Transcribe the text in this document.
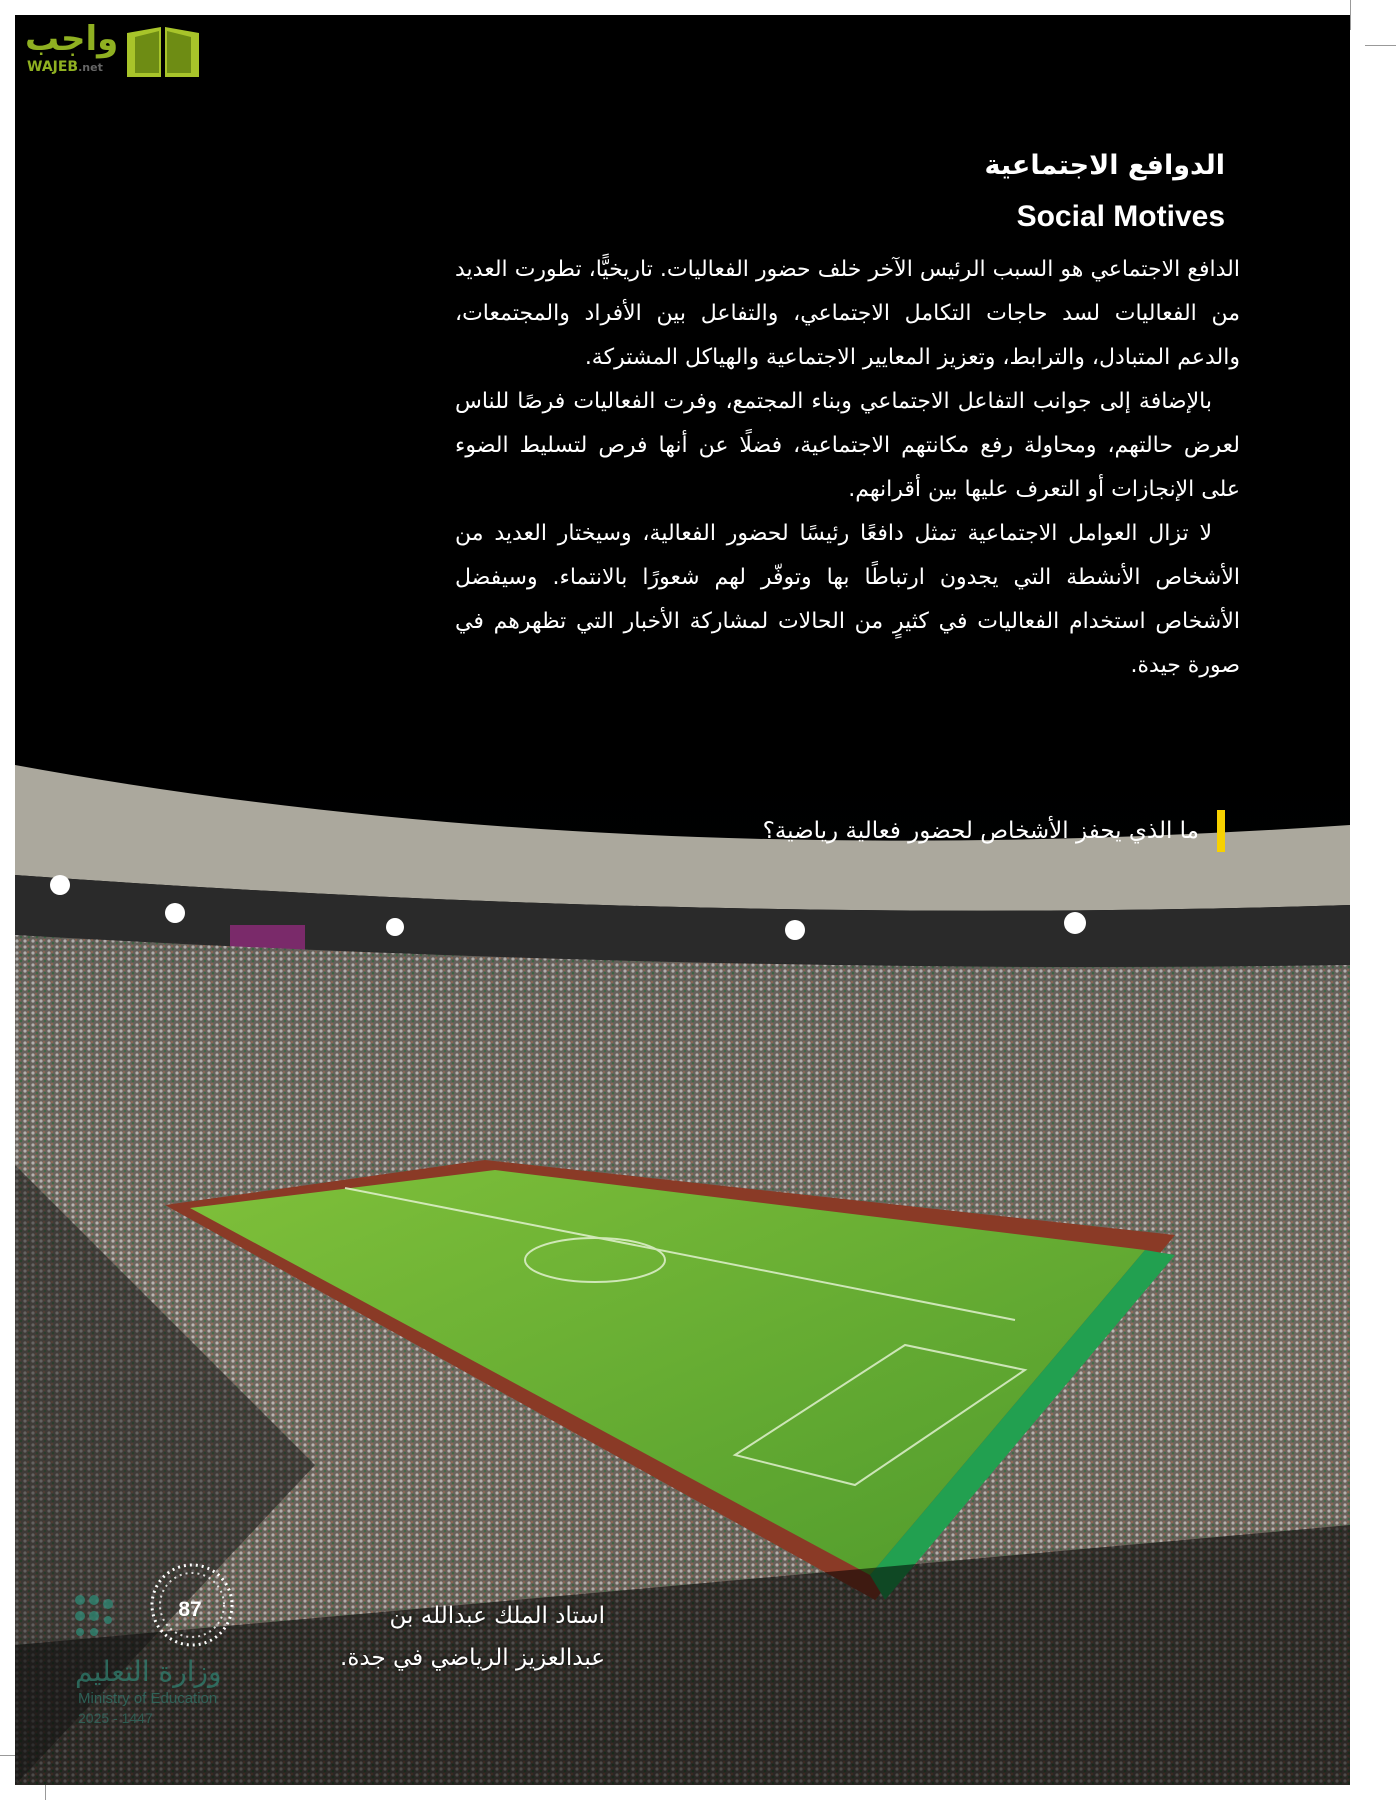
واجب
WAJEB.net
الدوافع الاجتماعية
Social Motives

الدافع الاجتماعي هو السبب الرئيس الآخر خلف حضور الفعاليات. تاريخيًّا، تطورت العديد من الفعاليات لسد حاجات التكامل الاجتماعي، والتفاعل بين الأفراد والمجتمعات، والدعم المتبادل، والترابط، وتعزيز المعايير الاجتماعية والهياكل المشتركة.

بالإضافة إلى جوانب التفاعل الاجتماعي وبناء المجتمع، وفرت الفعاليات فرصًا للناس لعرض حالتهم، ومحاولة رفع مكانتهم الاجتماعية، فضلًا عن أنها فرص لتسليط الضوء على الإنجازات أو التعرف عليها بين أقرانهم.

لا تزال العوامل الاجتماعية تمثل دافعًا رئيسًا لحضور الفعالية، وسيختار العديد من الأشخاص الأنشطة التي يجدون ارتباطًا بها وتوفّر لهم شعورًا بالانتماء. وسيفضل الأشخاص استخدام الفعاليات في كثيرٍ من الحالات لمشاركة الأخبار التي تظهرهم في صورة جيدة.

ما الذي يحفز الأشخاص لحضور فعالية رياضية؟
استاد الملك عبدالله بن
عبدالعزيز الرياضي في جدة.
87
وزارة التعليم
Ministry of Education
2025 - 1447
